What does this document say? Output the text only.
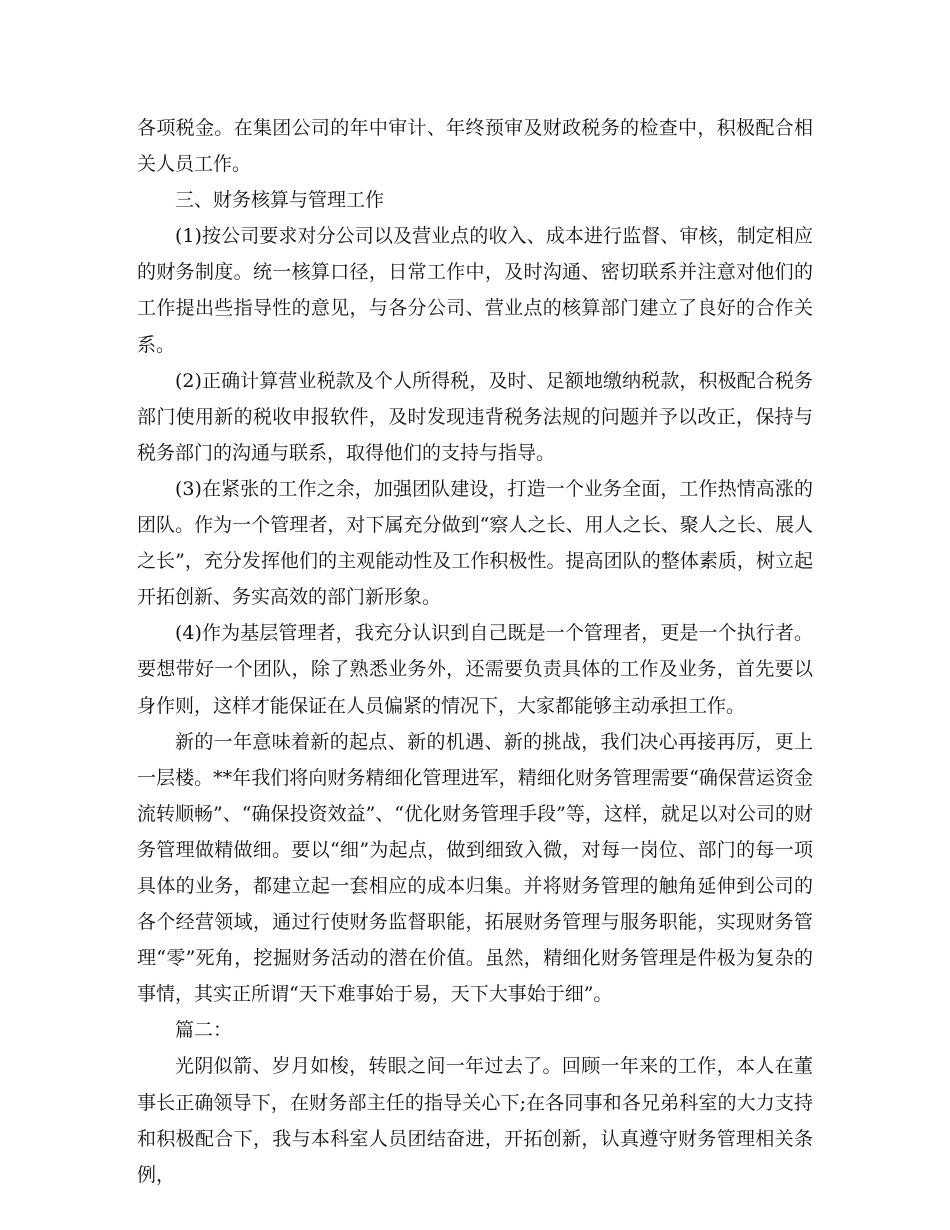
各项税金。在集团公司的年中审计、年终预审及财政税务的检查中，积极配合相关人员工作。

三、财务核算与管理工作

(1)按公司要求对分公司以及营业点的收入、成本进行监督、审核，制定相应的财务制度。统一核算口径，日常工作中，及时沟通、密切联系并注意对他们的工作提出些指导性的意见，与各分公司、营业点的核算部门建立了良好的合作关系。

(2)正确计算营业税款及个人所得税，及时、足额地缴纳税款，积极配合税务部门使用新的税收申报软件，及时发现违背税务法规的问题并予以改正，保持与税务部门的沟通与联系，取得他们的支持与指导。

(3)在紧张的工作之余，加强团队建设，打造一个业务全面，工作热情高涨的团队。作为一个管理者，对下属充分做到“察人之长、用人之长、聚人之长、展人之长”，充分发挥他们的主观能动性及工作积极性。提高团队的整体素质，树立起开拓创新、务实高效的部门新形象。

(4)作为基层管理者，我充分认识到自己既是一个管理者，更是一个执行者。要想带好一个团队，除了熟悉业务外，还需要负责具体的工作及业务，首先要以身作则，这样才能保证在人员偏紧的情况下，大家都能够主动承担工作。

新的一年意味着新的起点、新的机遇、新的挑战，我们决心再接再厉，更上一层楼。**年我们将向财务精细化管理进军，精细化财务管理需要“确保营运资金流转顺畅”、“确保投资效益”、“优化财务管理手段”等，这样，就足以对公司的财务管理做精做细。要以“细”为起点，做到细致入微，对每一岗位、部门的每一项具体的业务，都建立起一套相应的成本归集。并将财务管理的触角延伸到公司的各个经营领域，通过行使财务监督职能，拓展财务管理与服务职能，实现财务管理“零”死角，挖掘财务活动的潜在价值。虽然，精细化财务管理是件极为复杂的事情，其实正所谓“天下难事始于易，天下大事始于细”。

篇二：

光阴似箭、岁月如梭，转眼之间一年过去了。回顾一年来的工作，本人在董事长正确领导下，在财务部主任的指导关心下;在各同事和各兄弟科室的大力支持和积极配合下，我与本科室人员团结奋进，开拓创新，认真遵守财务管理相关条例，
